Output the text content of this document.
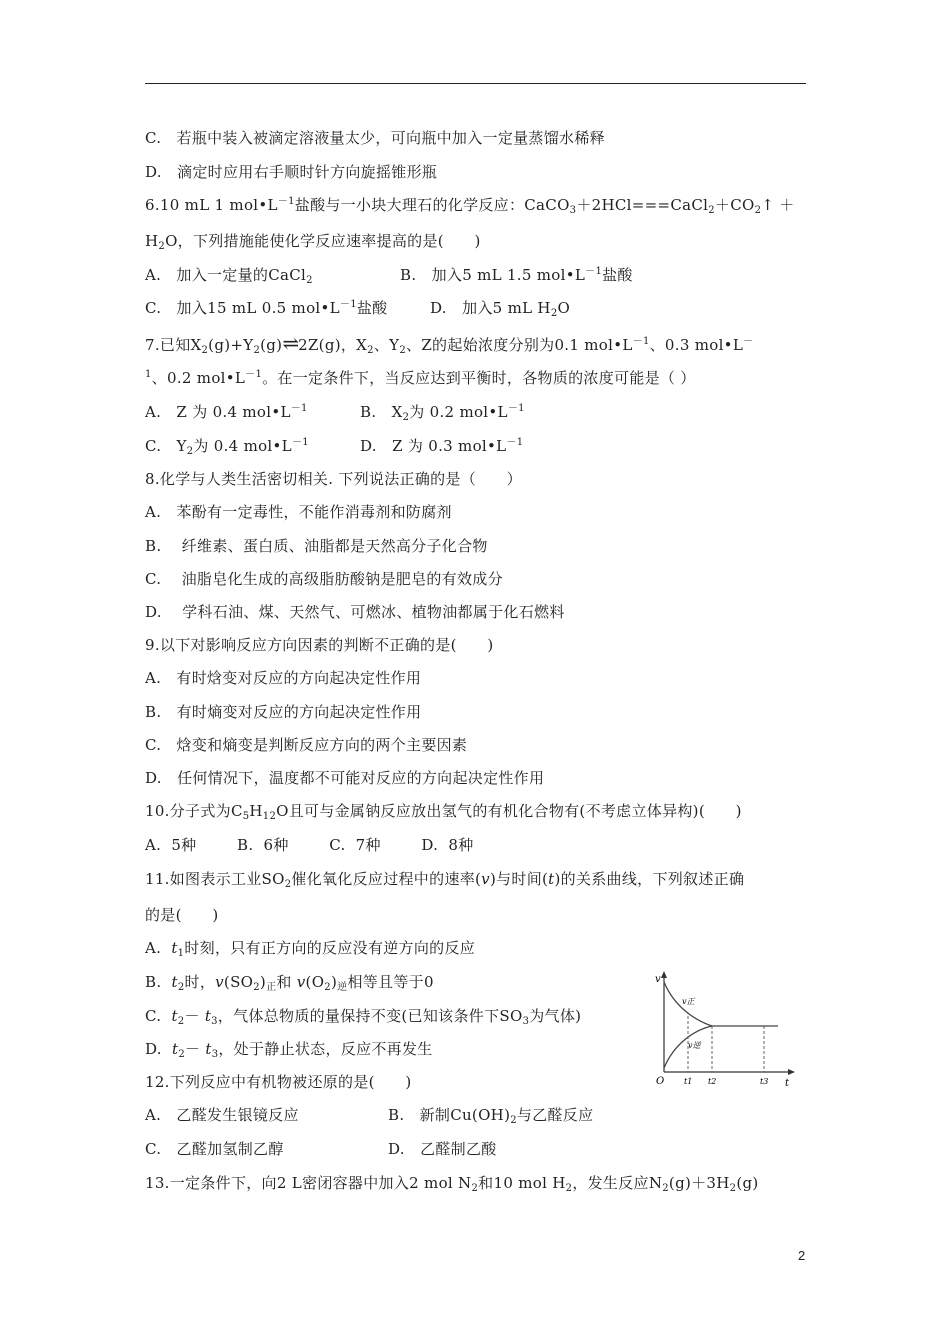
C.   若瓶中装入被滴定溶液量太少，可向瓶中加入一定量蒸馏水稀释
D.   滴定时应用右手顺时针方向旋摇锥形瓶
6.10 mL 1 $mol•L^{-1}$盐酸与一小块大理石的化学反应：$CaCO_3+2HCl===CaCl_2+CO_2↑$ ＋
$H_2O$，下列措施能使化学反应速率提高的是(　　)
A.   加入一定量的CaCl$_2$	B.   加入5 mL 1.5 $mol•L^{-1}$盐酸
C.   加入15 mL 0.5 $mol•L^{-1}$盐酸	D.   加入5 mL $H_2O$
7.已知$X_2(g)+Y_2(g)\rightleftharpoons 2Z(g)$，$X_2$、$Y_2$、Z的起始浓度分别为0.1 $mol•L^{-1}$、0.3 mol•L－
$^1$、0.2 $mol•L^{-1}$。在一定条件下，当反应达到平衡时，各物质的浓度可能是（ ）
A.   Z 为 0.4 $mol•L^{-1}$	B.   $X_2$为 0.2 $mol•L^{-1}$
C.   $Y_2$为 0.4 $mol•L^{-1}$	D.   Z 为 0.3 $mol•L^{-1}$
8.化学与人类生活密切相关. 下列说法正确的是（　　）
A.   苯酚有一定毒性，不能作消毒剂和防腐剂
B.    纤维素、蛋白质、油脂都是天然高分子化合物
C.    油脂皂化生成的高级脂肪酸钠是肥皂的有效成分
D.    学科石油、煤、天然气、可燃冰、植物油都属于化石燃料
9.以下对影响反应方向因素的判断不正确的是(　　)
A.   有时焓变对反应的方向起决定性作用
B.   有时熵变对反应的方向起决定性作用
C.   焓变和熵变是判断反应方向的两个主要因素
D.   任何情况下，温度都不可能对反应的方向起决定性作用
10.分子式为$C_5H_{12}O$且可与金属钠反应放出氢气的有机化合物有(不考虑立体异构)(　　)
A.  5种        B.  6种        C.  7种        D.  8种
11.如图表示工业$SO_2$催化氧化反应过程中的速率(v)与时间(t)的关系曲线，下列叙述正确
的是(　　)
A.  $t_1$时刻，只有正方向的反应没有逆方向的反应
B.  $t_2$时，$v(SO_2)_正$和 $v(O_2)_逆$相等且等于0
C.  $t_2- t_3$，气体总物质的量保持不变(已知该条件下$SO_3$为气体)
D.  $t_2- t_3$，处于静止状态，反应不再发生
v
t
O
v正
v逆
t1 t2	t3
12.下列反应中有机物被还原的是(　　)
A.   乙醛发生银镜反应	B.   新制$Cu(OH)_2$与乙醛反应
C.   乙醛加氢制乙醇	D.   乙醛制乙酸
13.一定条件下，向2 L密闭容器中加入2 mol $N_2$和10 mol $H_2$，发生反应$N_2(g)+3H_2(g)$
2
